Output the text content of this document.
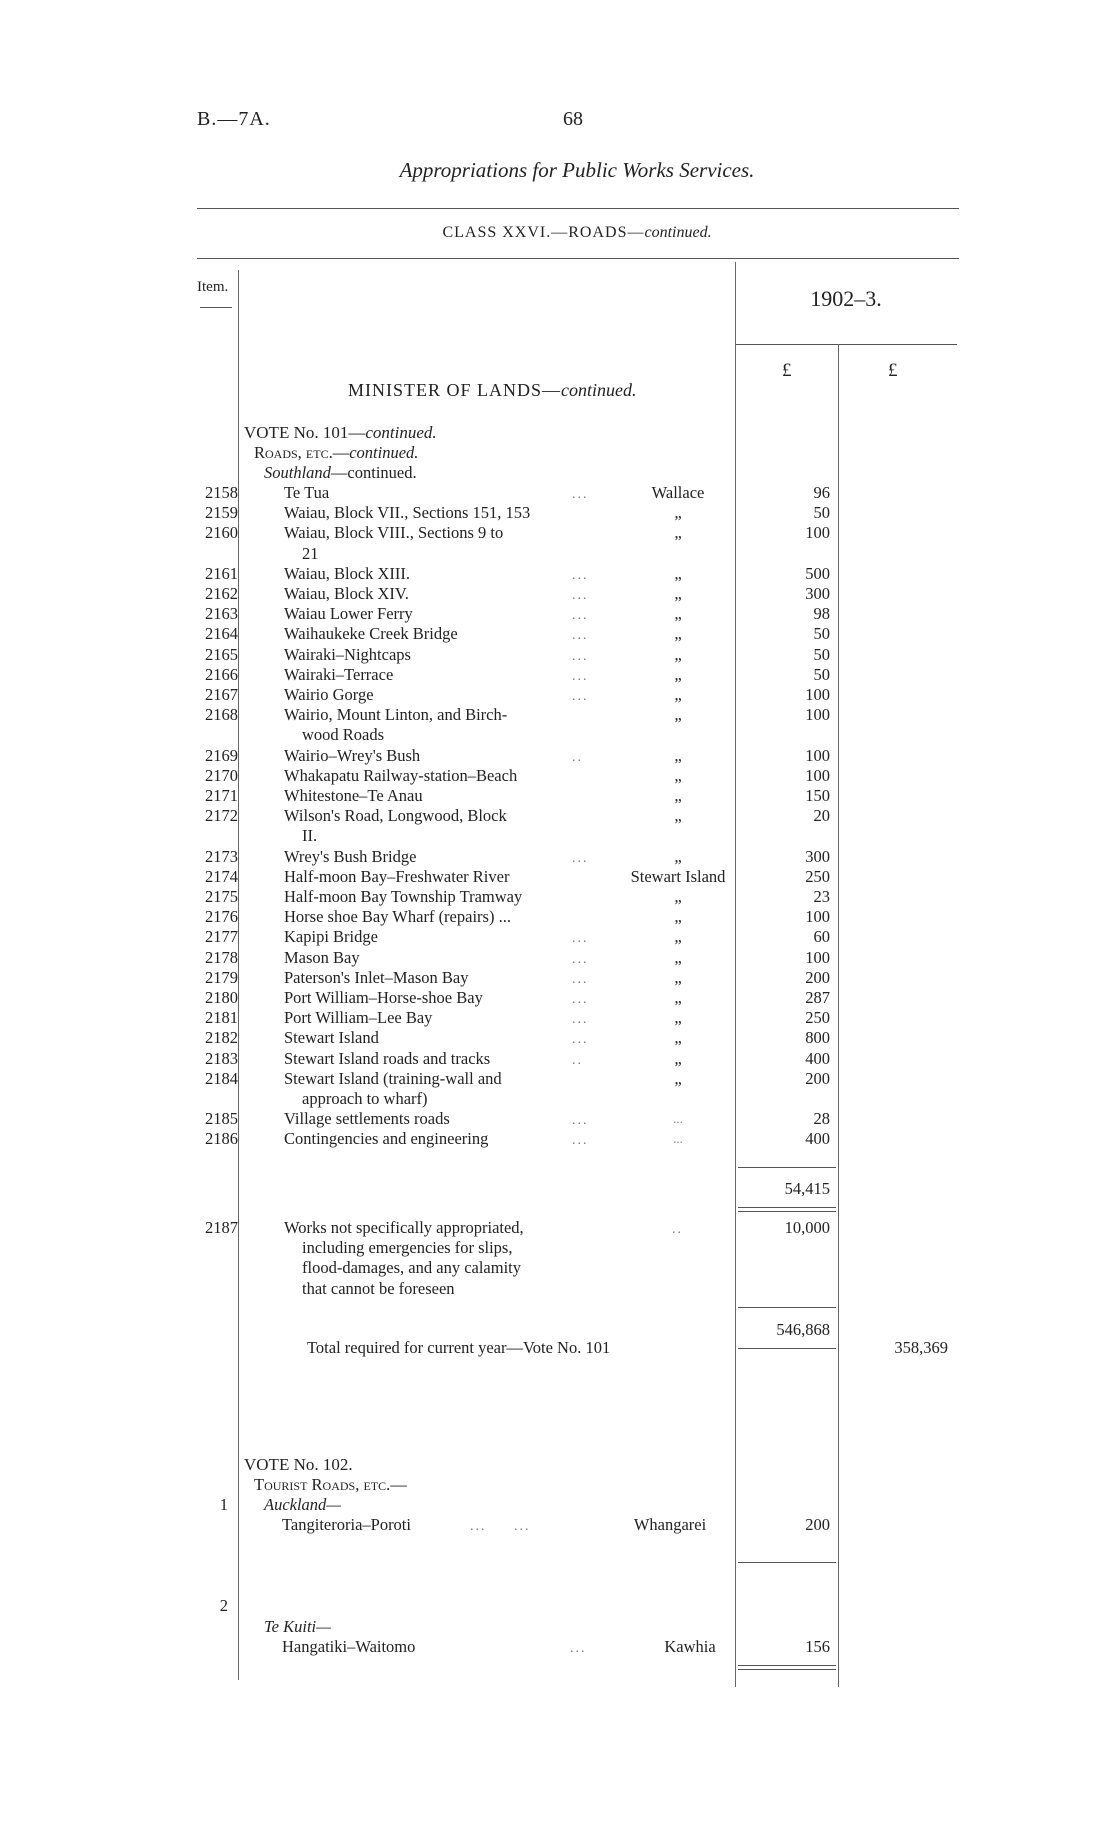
B.—7A.	68
Appropriations for Public Works Services.
CLASS XXVI.—ROADS—continued.
Item.	1902–3.
£	£
MINISTER OF LANDS—continued.
VOTE No. 101—continued.
Roads, etc.—continued.
Southland—continued.
2158	Te Tua	...	Wallace	96
2159	Waiau, Block VII., Sections 151, 153	„	50
2160	Waiau, Block VIII., Sections 9 to
21
„	100
2161	Waiau, Block XIII.	...	„	500
2162	Waiau, Block XIV.	...	„	300
2163	Waiau Lower Ferry	...	„	98
2164	Waihaukeke Creek Bridge	...	„	50
2165	Wairaki–Nightcaps	...	„	50
2166	Wairaki–Terrace	...	„	50
2167	Wairio Gorge	...	„	100
2168	Wairio, Mount Linton, and Birch-
wood Roads
„	100
2169	Wairio–Wrey's Bush	..	„	100
2170	Whakapatu Railway-station–Beach	„	100
2171	Whitestone–Te Anau	„	150
2172	Wilson's Road, Longwood, Block
II.
„	20
2173	Wrey's Bush Bridge	...	„	300
2174	Half-moon Bay–Freshwater River	Stewart Island	250
2175	Half-moon Bay Township Tramway	„	23
2176	Horse shoe Bay Wharf (repairs) ...	„	100
2177	Kapipi Bridge	...	„	60
2178	Mason Bay	...	„	100
2179	Paterson's Inlet–Mason Bay	...	„	200
2180	Port William–Horse-shoe Bay	...	„	287
2181	Port William–Lee Bay	...	„	250
2182	Stewart Island	...	„	800
2183	Stewart Island roads and tracks	..	„	400
2184	Stewart Island (training-wall and
approach to wharf)
„	200
2185	Village settlements roads	...	...	28
2186	Contingencies and engineering	...	...	400
54,415
2187	Works not specifically appropriated,
including emergencies for slips,
flood-damages, and any calamity
that cannot be foreseen
..	10,000
546,868
Total required for current year—Vote No. 101	358,369
VOTE No. 102.
Tourist Roads, etc.—
1 Auckland—
Tangiteroria–Poroti	...     ...	Whangarei	200
2
Te Kuiti—
Hangatiki–Waitomo	...	Kawhia	156
